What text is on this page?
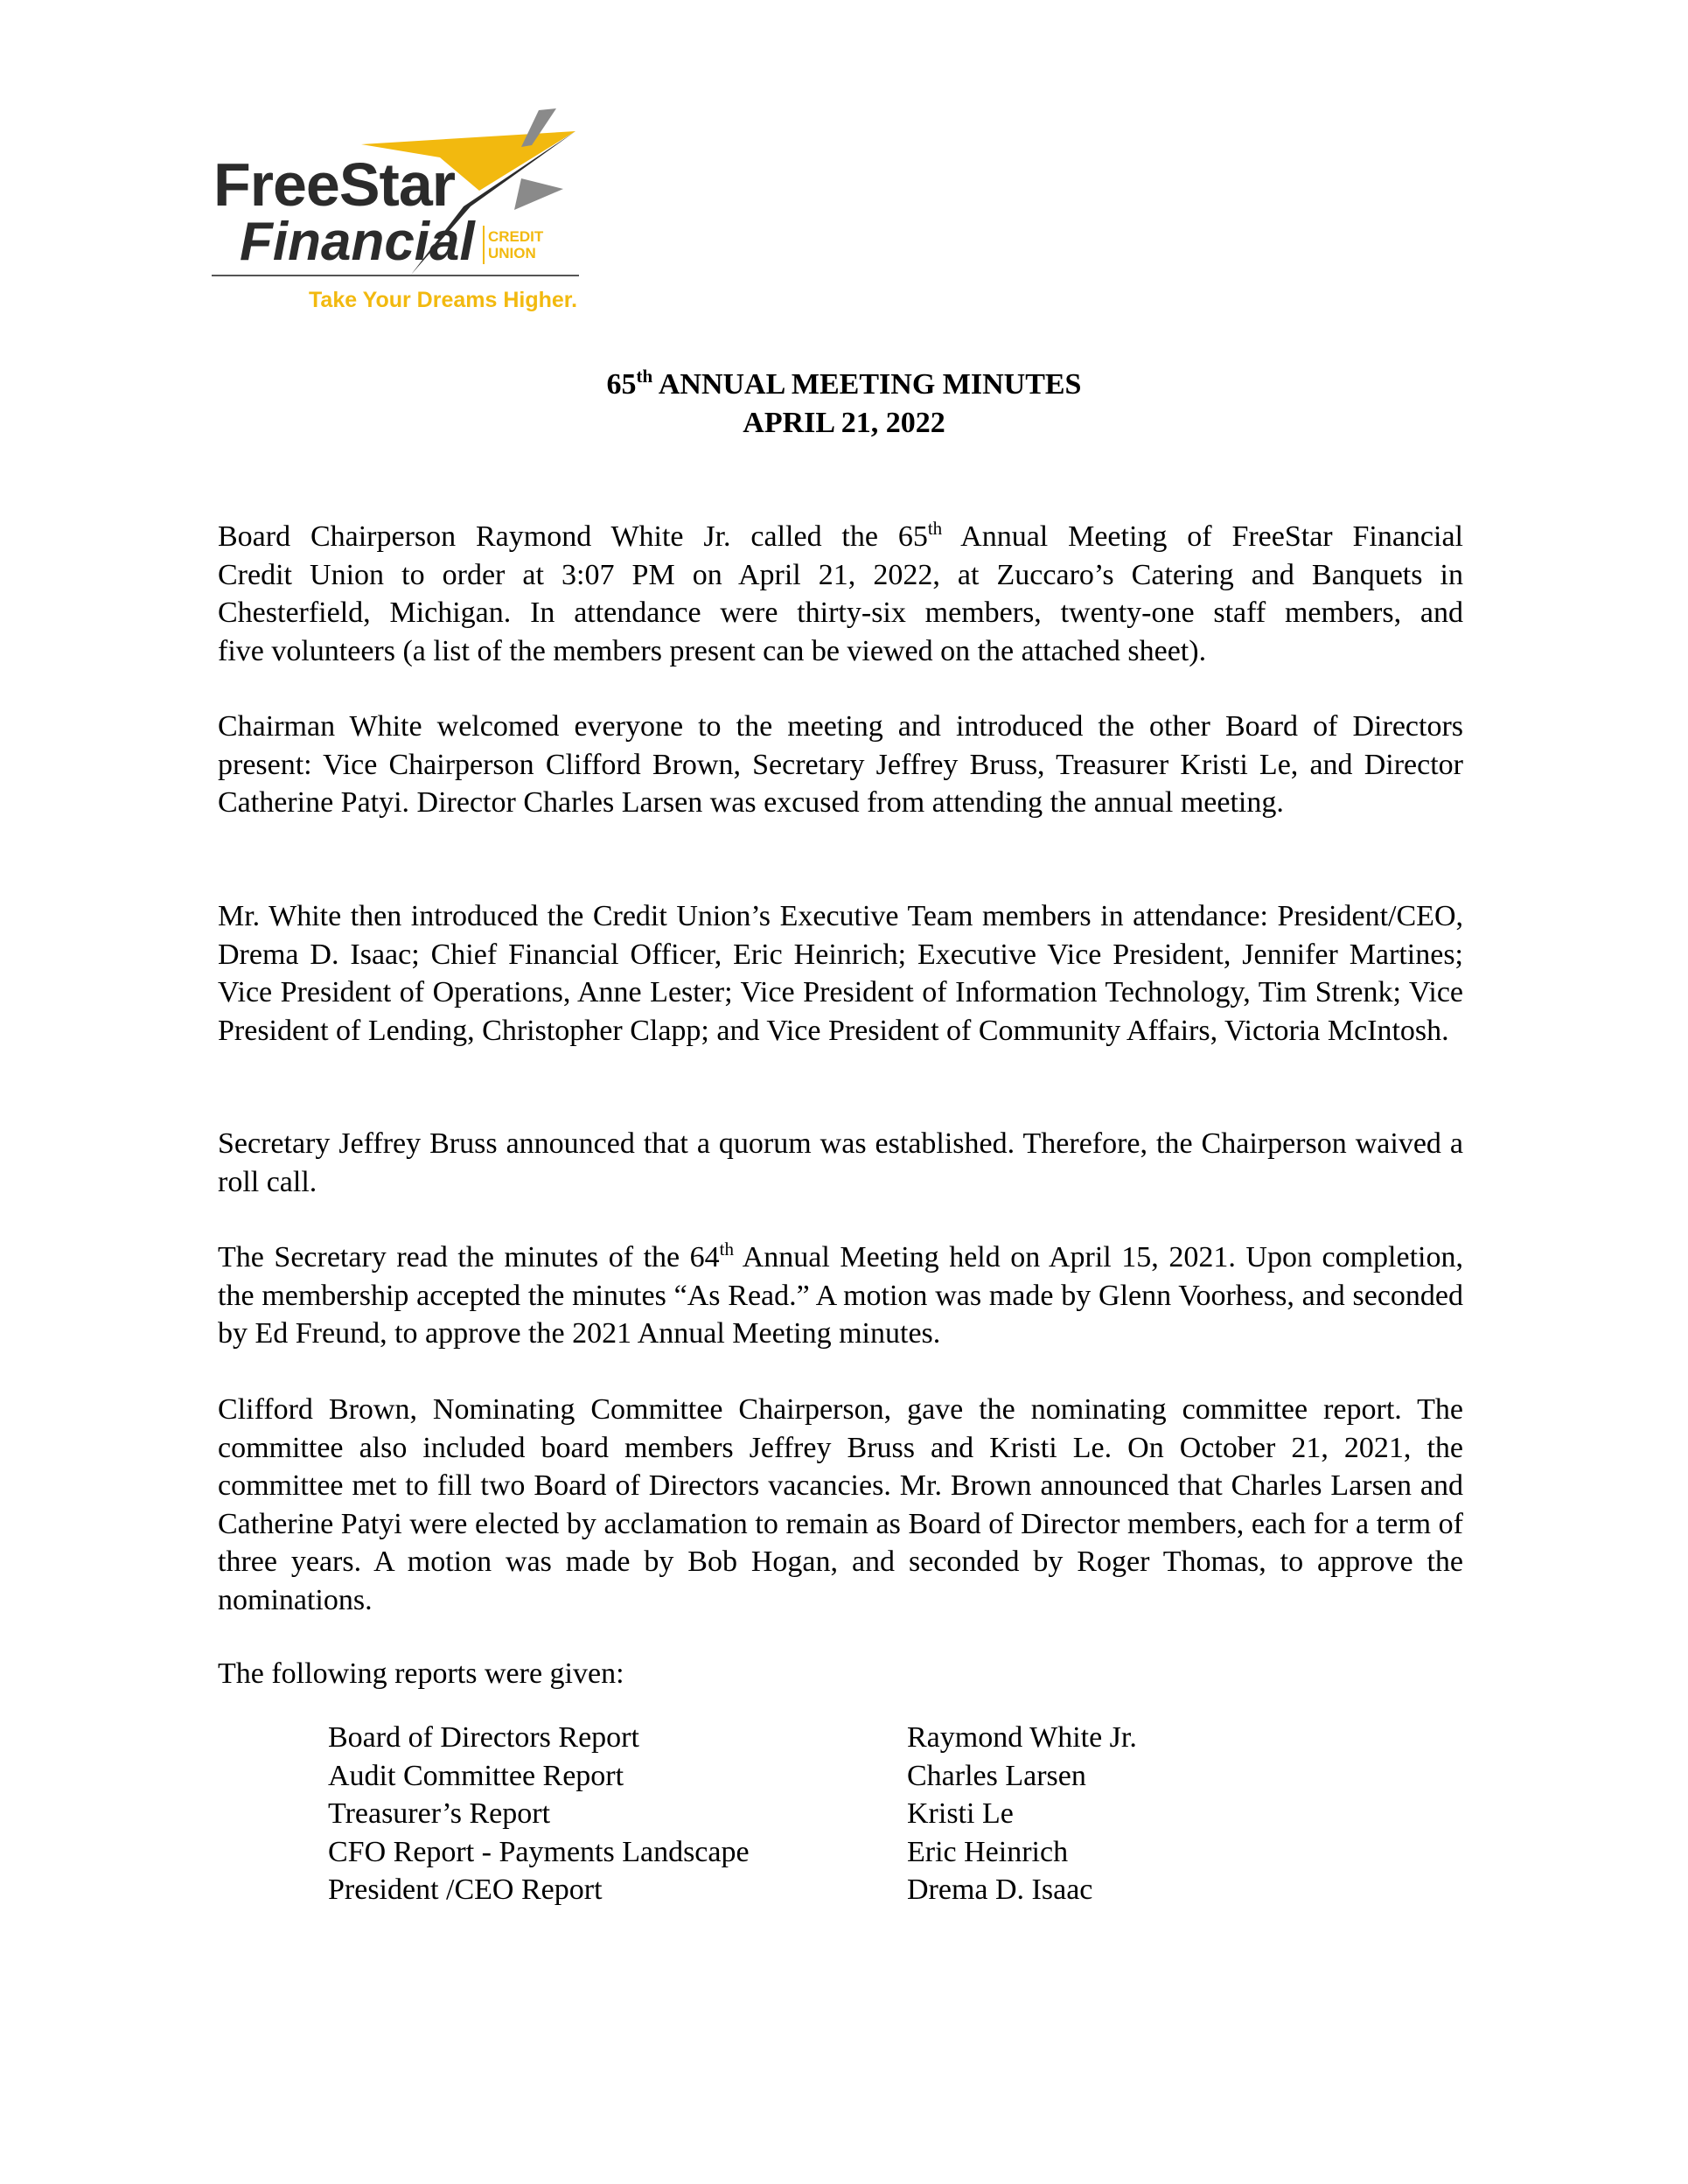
FreeStar
Financial CREDIT
UNION
Take Your Dreams Higher.
65th ANNUAL MEETING MINUTES
APRIL 21, 2022
Board Chairperson Raymond White Jr. called the 65th Annual Meeting of FreeStar Financial
Credit Union to order at 3:07 PM on April 21, 2022, at Zuccaro’s Catering and Banquets in
Chesterfield, Michigan. In attendance were thirty-six members, twenty-one staff members, and
five volunteers (a list of the members present can be viewed on the attached sheet).

Chairman White welcomed everyone to the meeting and introduced the other Board of Directors present: Vice Chairperson Clifford Brown, Secretary Jeffrey Bruss, Treasurer Kristi Le, and Director Catherine Patyi. Director Charles Larsen was excused from attending the annual meeting.

Mr. White then introduced the Credit Union’s Executive Team members in attendance: President/CEO, Drema D. Isaac; Chief Financial Officer, Eric Heinrich; Executive Vice President, Jennifer Martines; Vice President of Operations, Anne Lester; Vice President of Information Technology, Tim Strenk; Vice President of Lending, Christopher Clapp; and Vice President of Community Affairs, Victoria McIntosh.

Secretary Jeffrey Bruss announced that a quorum was established. Therefore, the Chairperson waived a roll call.

The Secretary read the minutes of the 64th Annual Meeting held on April 15, 2021. Upon completion, the membership accepted the minutes “As Read.” A motion was made by Glenn Voorhess, and seconded by Ed Freund, to approve the 2021 Annual Meeting minutes.

Clifford Brown, Nominating Committee Chairperson, gave the nominating committee report. The committee also included board members Jeffrey Bruss and Kristi Le. On October 21, 2021, the committee met to fill two Board of Directors vacancies. Mr. Brown announced that Charles Larsen and Catherine Patyi were elected by acclamation to remain as Board of Director members, each for a term of three years. A motion was made by Bob Hogan, and seconded by Roger Thomas, to approve the nominations.

The following reports were given:

Board of Directors Report	Raymond White Jr.
Audit Committee Report	Charles Larsen
Treasurer’s Report	Kristi Le
CFO Report - Payments Landscape	Eric Heinrich
President /CEO Report	Drema D. Isaac
